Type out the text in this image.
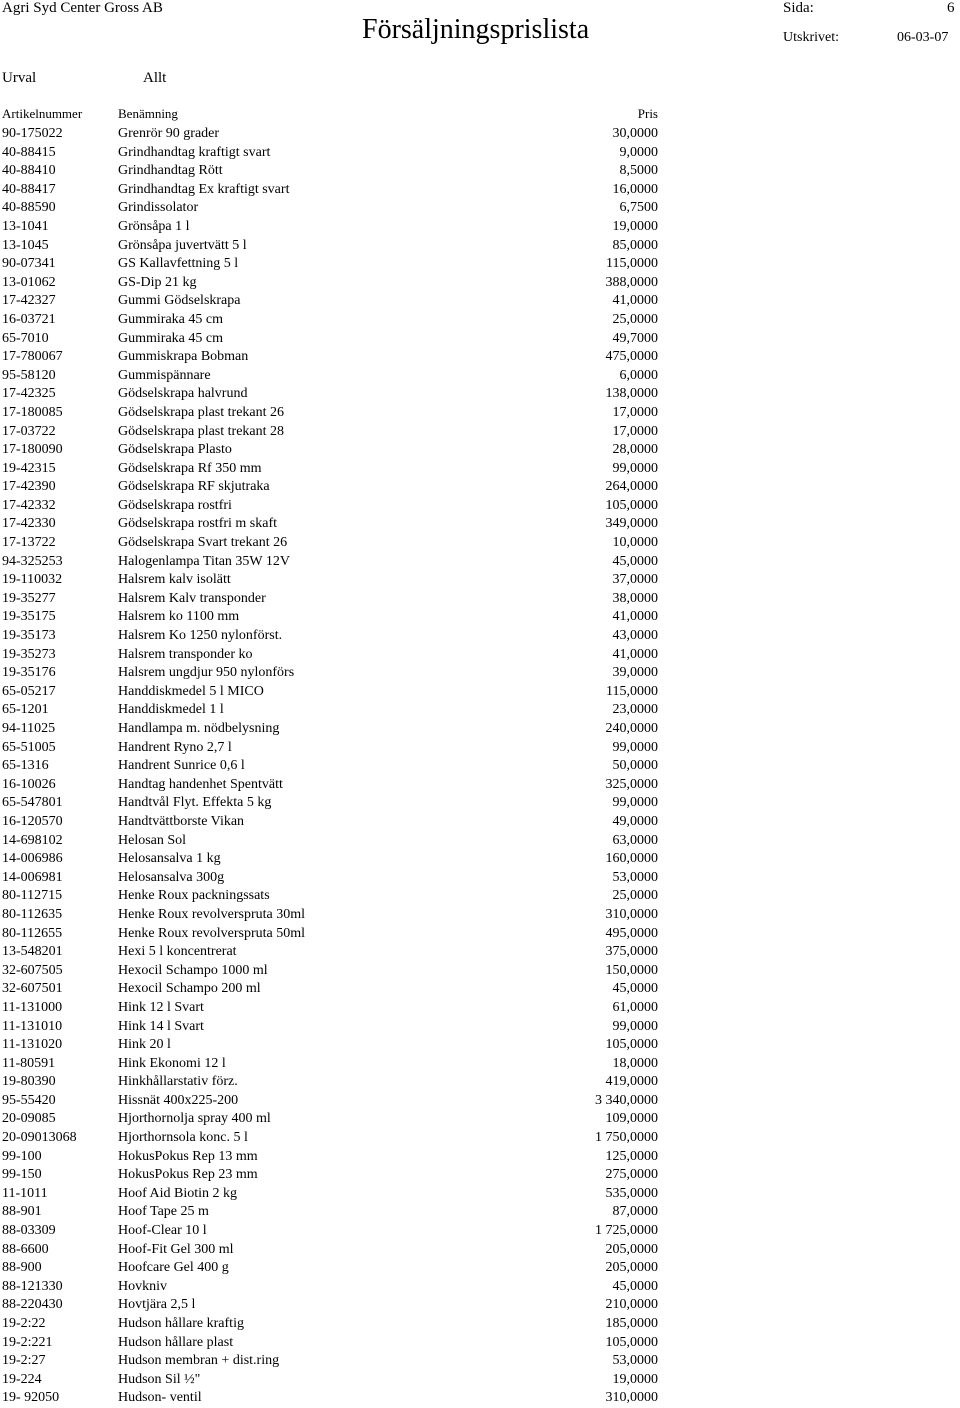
Agri Syd Center Gross AB
Försäljningsprislista
Sida:	6
Utskrivet:	06-03-07
Urval	Allt
Artikelnummer	Benämning	Pris
90-175022	Grenrör 90 grader	30,0000
40-88415	Grindhandtag kraftigt svart	9,0000
40-88410	Grindhandtag Rött	8,5000
40-88417	Grindhandtag Ex kraftigt svart	16,0000
40-88590	Grindissolator	6,7500
13-1041	Grönsåpa 1 l	19,0000
13-1045	Grönsåpa juvertvätt 5 l	85,0000
90-07341	GS Kallavfettning 5 l	115,0000
13-01062	GS-Dip 21 kg	388,0000
17-42327	Gummi Gödselskrapa	41,0000
16-03721	Gummiraka 45 cm	25,0000
65-7010	Gummiraka 45 cm	49,7000
17-780067	Gummiskrapa Bobman	475,0000
95-58120	Gummispännare	6,0000
17-42325	Gödselskrapa halvrund	138,0000
17-180085	Gödselskrapa plast trekant 26	17,0000
17-03722	Gödselskrapa plast trekant 28	17,0000
17-180090	Gödselskrapa Plasto	28,0000
19-42315	Gödselskrapa Rf 350 mm	99,0000
17-42390	Gödselskrapa RF skjutraka	264,0000
17-42332	Gödselskrapa rostfri	105,0000
17-42330	Gödselskrapa rostfri m skaft	349,0000
17-13722	Gödselskrapa Svart trekant 26	10,0000
94-325253	Halogenlampa Titan 35W 12V	45,0000
19-110032	Halsrem kalv isolätt	37,0000
19-35277	Halsrem Kalv transponder	38,0000
19-35175	Halsrem ko 1100 mm	41,0000
19-35173	Halsrem Ko 1250 nylonförst.	43,0000
19-35273	Halsrem transponder ko	41,0000
19-35176	Halsrem ungdjur 950 nylonförs	39,0000
65-05217	Handdiskmedel 5 l MICO	115,0000
65-1201	Handdiskmedel 1 l	23,0000
94-11025	Handlampa m. nödbelysning	240,0000
65-51005	Handrent Ryno 2,7 l	99,0000
65-1316	Handrent Sunrice 0,6 l	50,0000
16-10026	Handtag handenhet Spentvätt	325,0000
65-547801	Handtvål Flyt. Effekta 5 kg	99,0000
16-120570	Handtvättborste Vikan	49,0000
14-698102	Helosan Sol	63,0000
14-006986	Helosansalva 1 kg	160,0000
14-006981	Helosansalva 300g	53,0000
80-112715	Henke Roux packningssats	25,0000
80-112635	Henke Roux revolverspruta 30ml	310,0000
80-112655	Henke Roux revolverspruta 50ml	495,0000
13-548201	Hexi 5 l koncentrerat	375,0000
32-607505	Hexocil Schampo 1000 ml	150,0000
32-607501	Hexocil Schampo 200 ml	45,0000
11-131000	Hink 12 l Svart	61,0000
11-131010	Hink 14 l Svart	99,0000
11-131020	Hink 20 l	105,0000
11-80591	Hink Ekonomi 12 l	18,0000
19-80390	Hinkhållarstativ förz.	419,0000
95-55420	Hissnät 400x225-200	3 340,0000
20-09085	Hjorthornolja spray 400 ml	109,0000
20-09013068	Hjorthornsola konc. 5 l	1 750,0000
99-100	HokusPokus Rep 13 mm	125,0000
99-150	HokusPokus Rep 23 mm	275,0000
11-1011	Hoof Aid Biotin 2 kg	535,0000
88-901	Hoof Tape 25 m	87,0000
88-03309	Hoof-Clear 10 l	1 725,0000
88-6600	Hoof-Fit Gel 300 ml	205,0000
88-900	Hoofcare Gel 400 g	205,0000
88-121330	Hovkniv	45,0000
88-220430	Hovtjära 2,5 l	210,0000
19-2:22	Hudson hållare kraftig	185,0000
19-2:221	Hudson hållare plast	105,0000
19-2:27	Hudson membran + dist.ring	53,0000
19-224	Hudson Sil ½"	19,0000
19- 92050	Hudson- ventil	310,0000
